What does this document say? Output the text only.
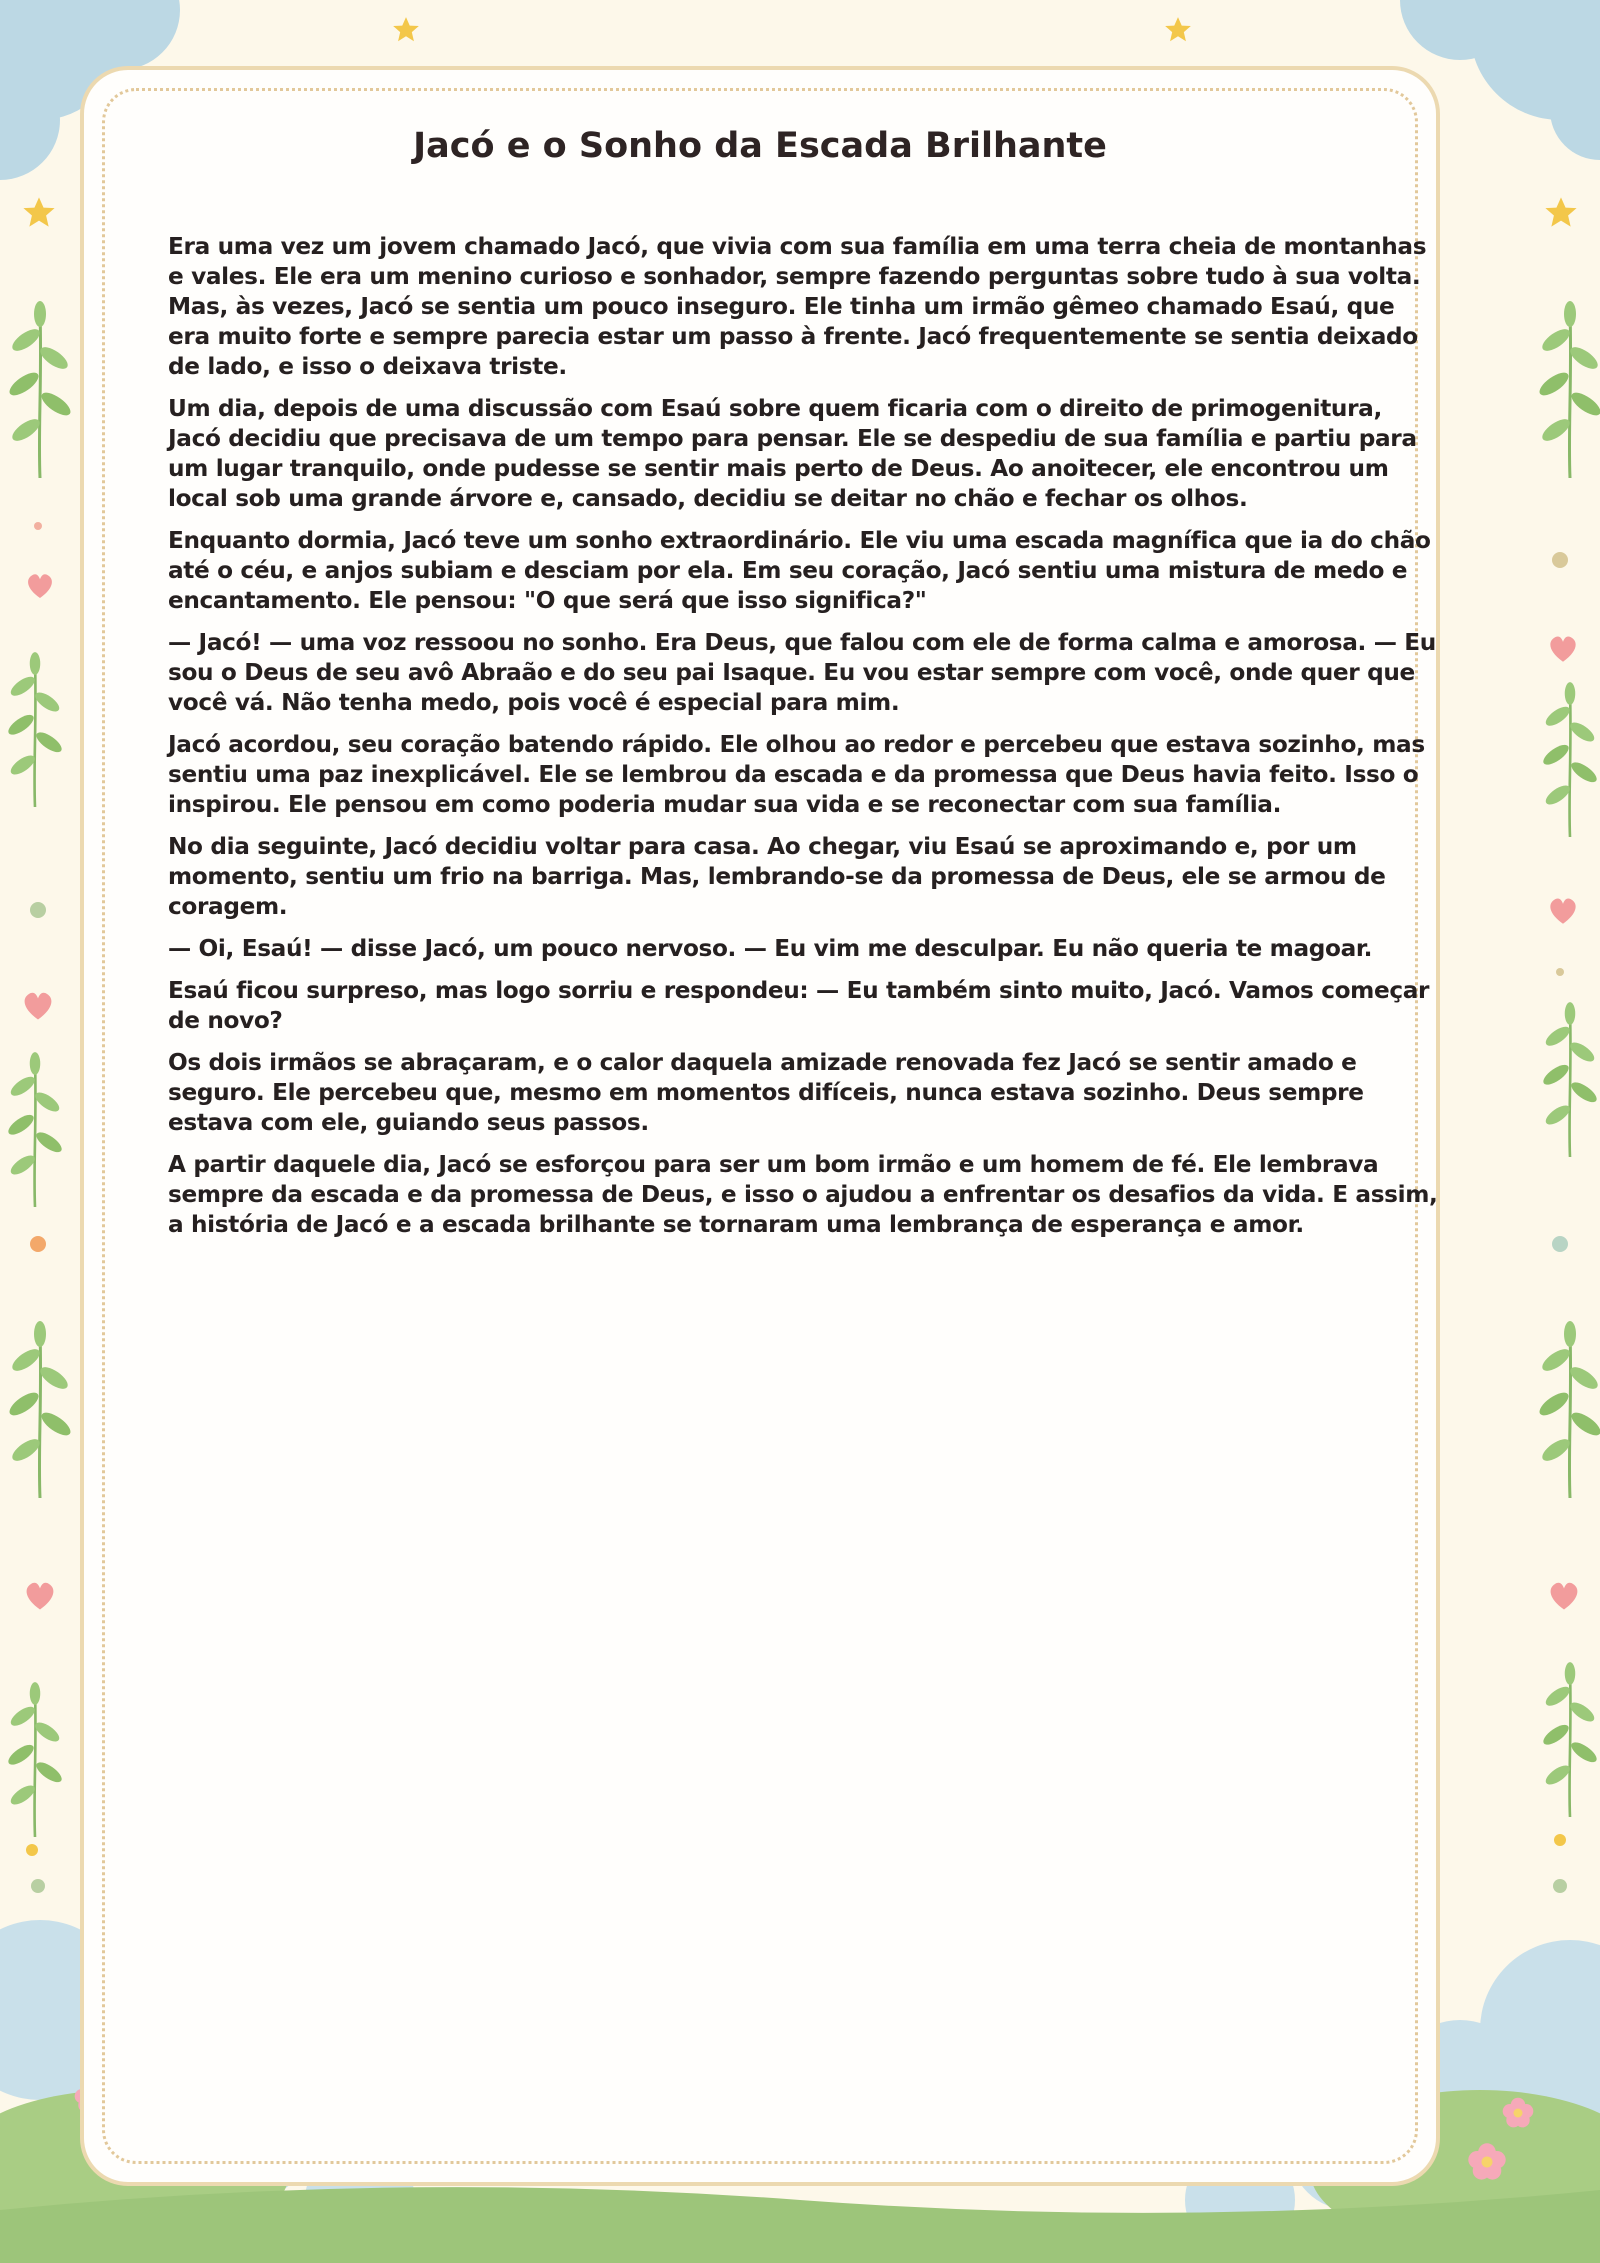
Jacó e o Sonho da Escada Brilhante

Era uma vez um jovem chamado Jacó, que vivia com sua família em uma terra cheia de montanhas e vales. Ele era um menino curioso e sonhador, sempre fazendo perguntas sobre tudo à sua volta. Mas, às vezes, Jacó se sentia um pouco inseguro. Ele tinha um irmão gêmeo chamado Esaú, que era muito forte e sempre parecia estar um passo à frente. Jacó frequentemente se sentia deixado de lado, e isso o deixava triste.

Um dia, depois de uma discussão com Esaú sobre quem ficaria com o direito de primogenitura, Jacó decidiu que precisava de um tempo para pensar. Ele se despediu de sua família e partiu para um lugar tranquilo, onde pudesse se sentir mais perto de Deus. Ao anoitecer, ele encontrou um local sob uma grande árvore e, cansado, decidiu se deitar no chão e fechar os olhos.

Enquanto dormia, Jacó teve um sonho extraordinário. Ele viu uma escada magnífica que ia do chão até o céu, e anjos subiam e desciam por ela. Em seu coração, Jacó sentiu uma mistura de medo e encantamento. Ele pensou: "O que será que isso significa?"

— Jacó! — uma voz ressoou no sonho. Era Deus, que falou com ele de forma calma e amorosa. — Eu sou o Deus de seu avô Abraão e do seu pai Isaque. Eu vou estar sempre com você, onde quer que você vá. Não tenha medo, pois você é especial para mim.

Jacó acordou, seu coração batendo rápido. Ele olhou ao redor e percebeu que estava sozinho, mas sentiu uma paz inexplicável. Ele se lembrou da escada e da promessa que Deus havia feito. Isso o inspirou. Ele pensou em como poderia mudar sua vida e se reconectar com sua família.

No dia seguinte, Jacó decidiu voltar para casa. Ao chegar, viu Esaú se aproximando e, por um momento, sentiu um frio na barriga. Mas, lembrando-se da promessa de Deus, ele se armou de coragem.

— Oi, Esaú! — disse Jacó, um pouco nervoso. — Eu vim me desculpar. Eu não queria te magoar.

Esaú ficou surpreso, mas logo sorriu e respondeu: — Eu também sinto muito, Jacó. Vamos começar de novo?

Os dois irmãos se abraçaram, e o calor daquela amizade renovada fez Jacó se sentir amado e seguro. Ele percebeu que, mesmo em momentos difíceis, nunca estava sozinho. Deus sempre estava com ele, guiando seus passos.

A partir daquele dia, Jacó se esforçou para ser um bom irmão e um homem de fé. Ele lembrava sempre da escada e da promessa de Deus, e isso o ajudou a enfrentar os desafios da vida. E assim, a história de Jacó e a escada brilhante se tornaram uma lembrança de esperança e amor.
